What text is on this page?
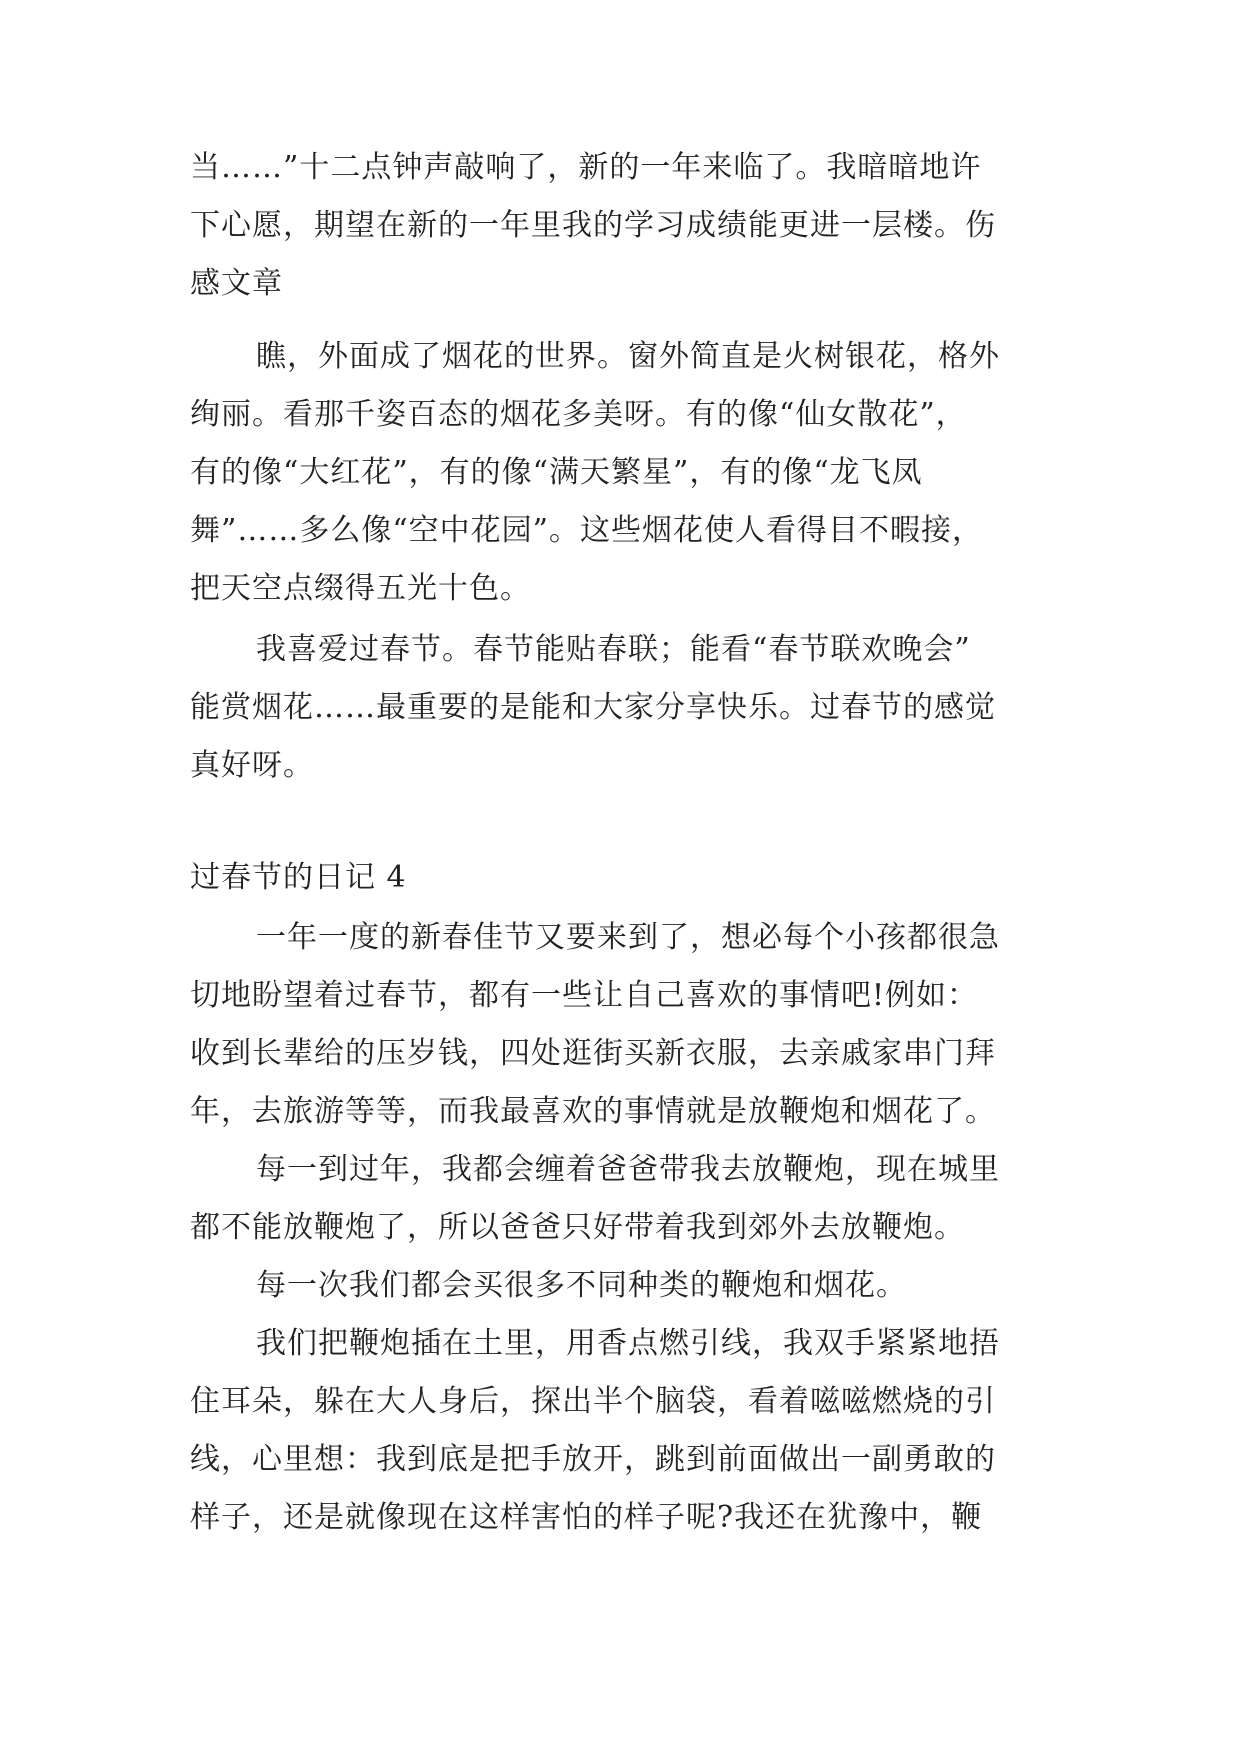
当……”十二点钟声敲响了，新的一年来临了。我暗暗地许
下心愿，期望在新的一年里我的学习成绩能更进一层楼。伤
感文章
瞧，外面成了烟花的世界。窗外简直是火树银花，格外
绚丽。看那千姿百态的烟花多美呀。有的像“仙女散花”，
有的像“大红花”，有的像“满天繁星”，有的像“龙飞凤
舞”……多么像“空中花园”。这些烟花使人看得目不暇接，
把天空点缀得五光十色。
我喜爱过春节。春节能贴春联；能看“春节联欢晚会”
能赏烟花……最重要的是能和大家分享快乐。过春节的感觉
真好呀。
过春节的日记 4
一年一度的新春佳节又要来到了，想必每个小孩都很急
切地盼望着过春节，都有一些让自己喜欢的事情吧!例如：
收到长辈给的压岁钱，四处逛街买新衣服，去亲戚家串门拜
年，去旅游等等，而我最喜欢的事情就是放鞭炮和烟花了。
每一到过年，我都会缠着爸爸带我去放鞭炮，现在城里
都不能放鞭炮了，所以爸爸只好带着我到郊外去放鞭炮。
每一次我们都会买很多不同种类的鞭炮和烟花。
我们把鞭炮插在土里，用香点燃引线，我双手紧紧地捂
住耳朵，躲在大人身后，探出半个脑袋，看着嗞嗞燃烧的引
线，心里想：我到底是把手放开，跳到前面做出一副勇敢的
样子，还是就像现在这样害怕的样子呢?我还在犹豫中，鞭
